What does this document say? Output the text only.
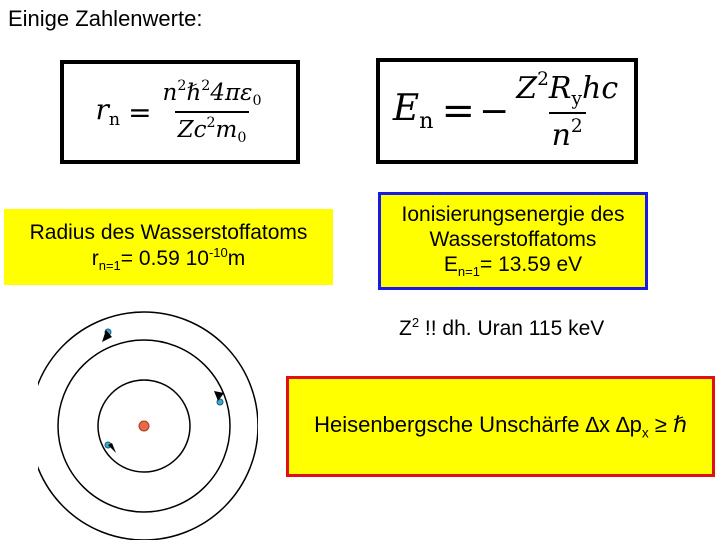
Einige Zahlenwerte:
$r_n = \frac{n^2\hbar^24\pi\varepsilon_0}{Zc^2m_0}$	$E_n$ = − $\frac{Z^2R_yhc}{n^2}$
Radius des Wasserstoffatoms
$r_{n=1}= 0.59$ $10^{-10}m$
Ionisierungsenergie des
Wasserstoffatoms
$E_{n=1}= 13.59$ eV
$Z^2$ !! dh. Uran 115 keV
Heisenbergsche Unschärfe ∆x $\Delta p_x$ ≥ ℏ
